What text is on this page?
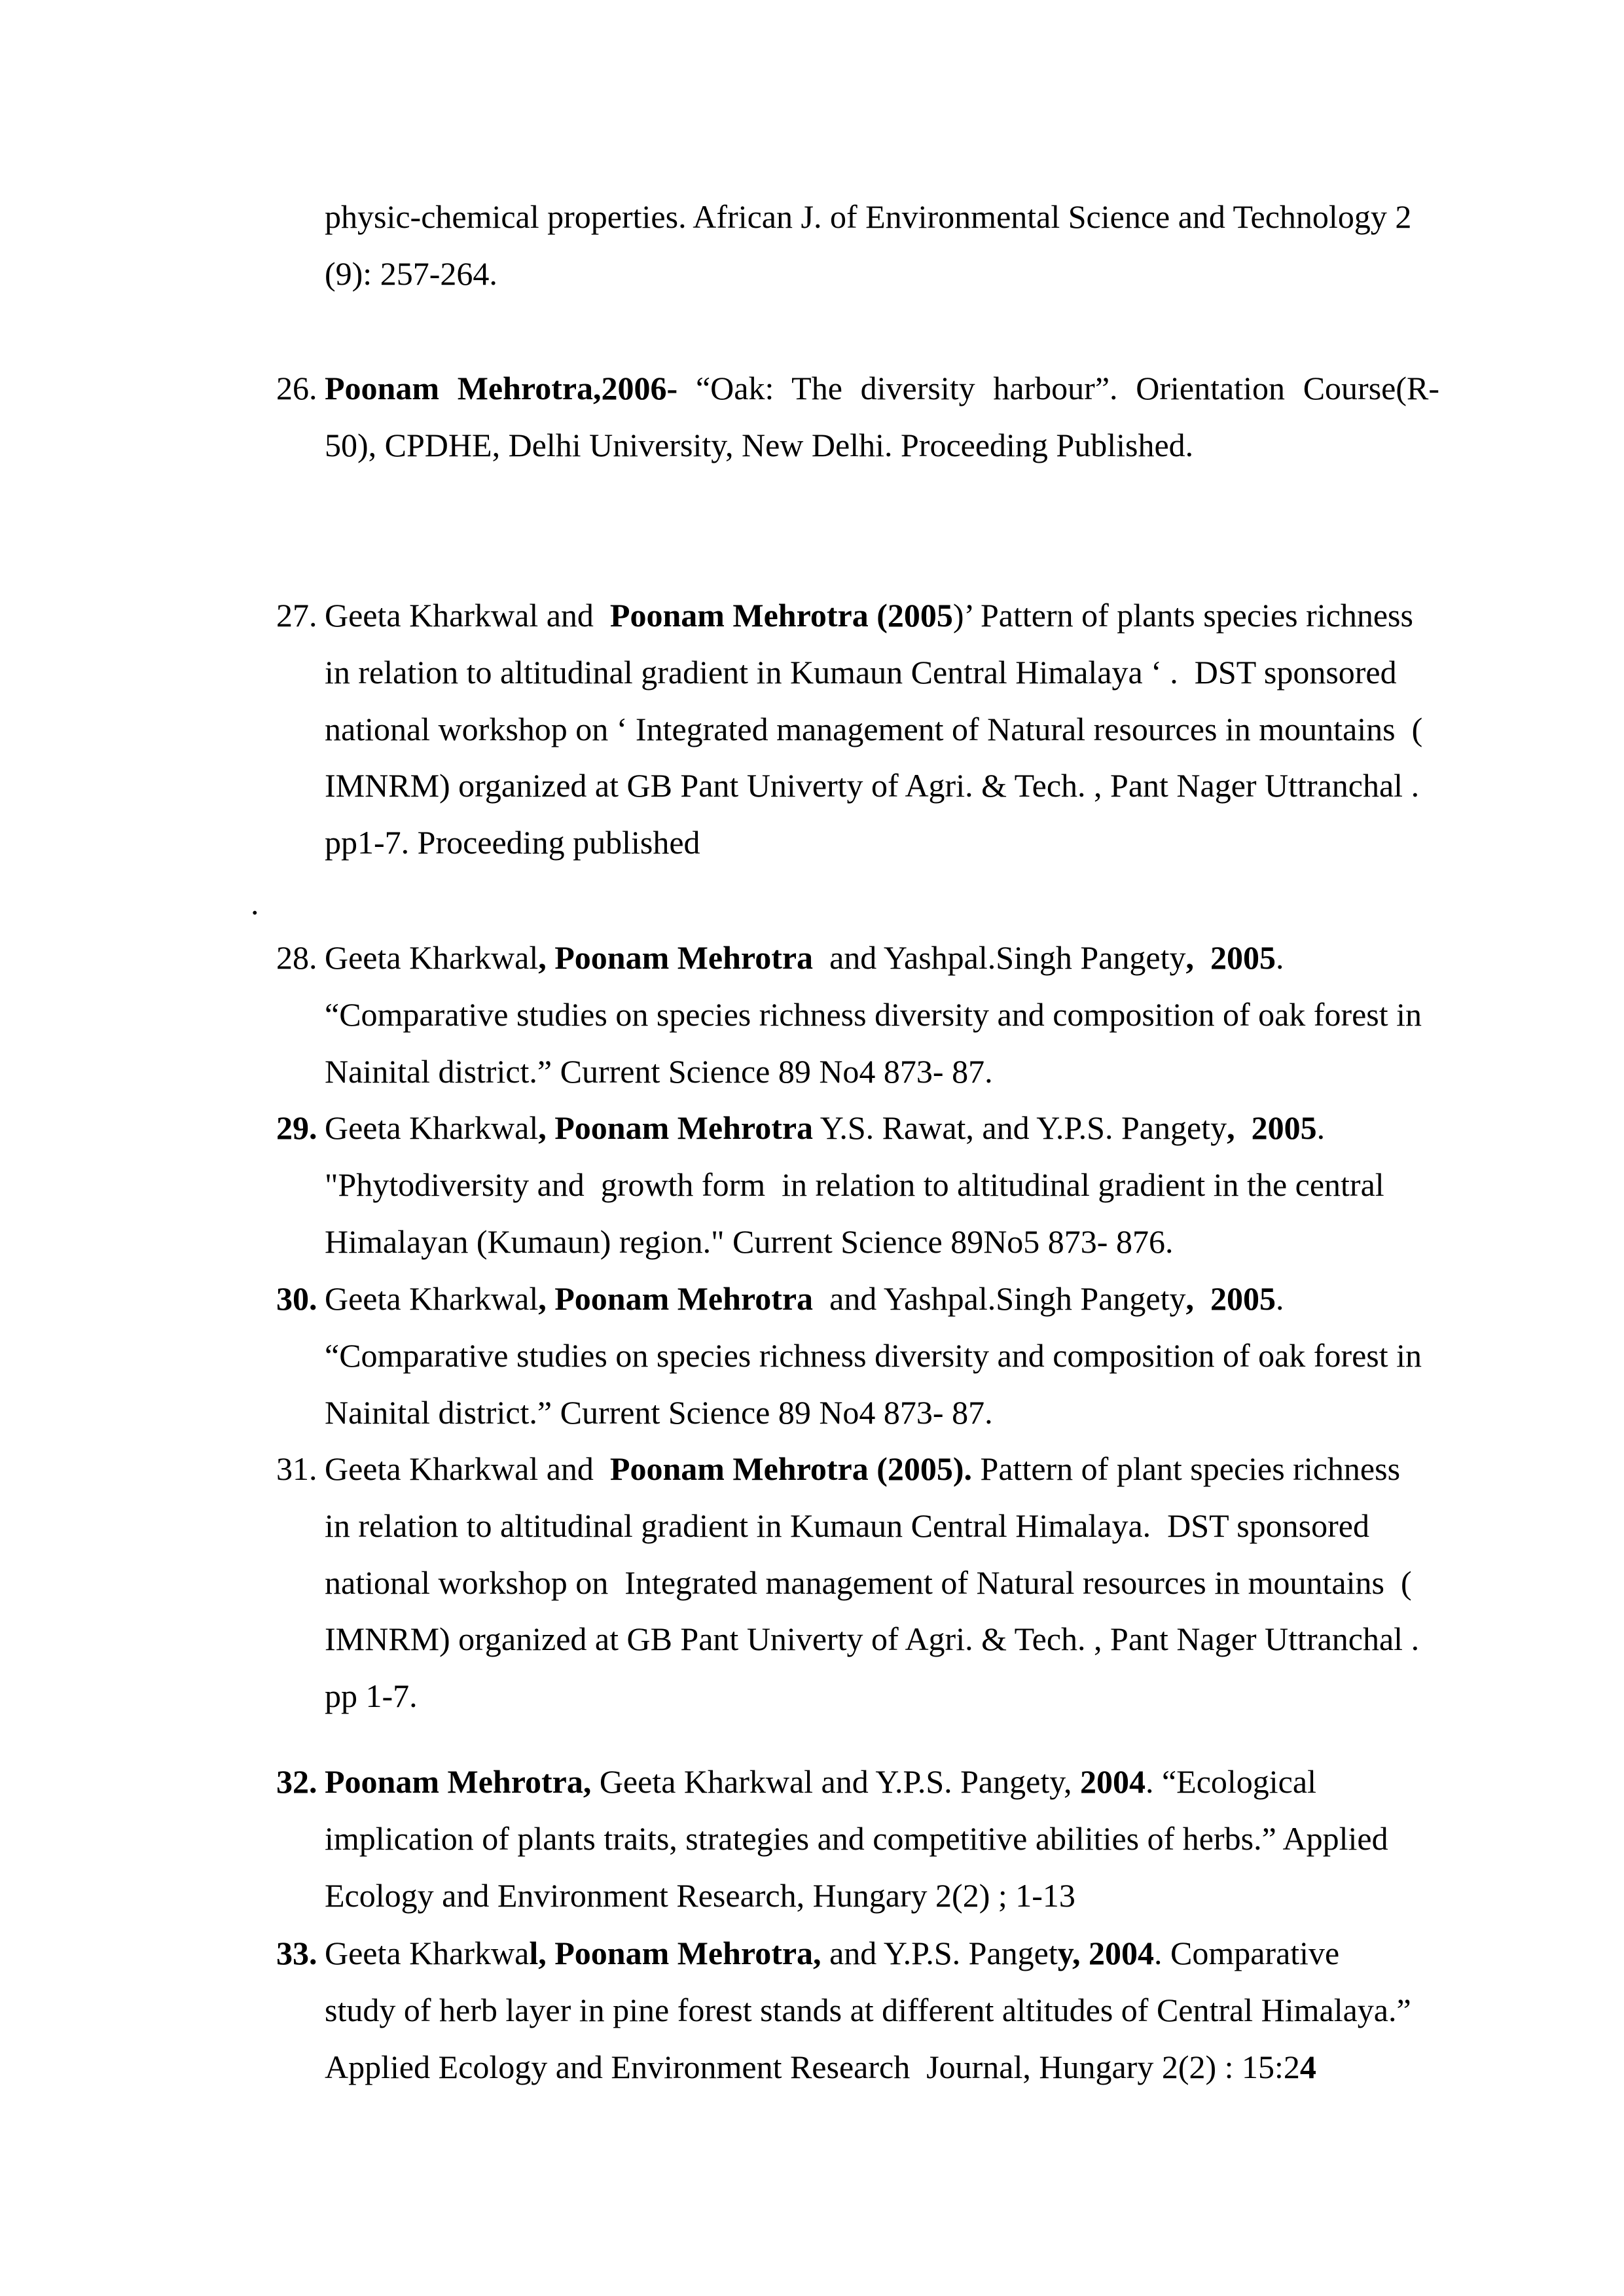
physic-chemical properties. African J. of Environmental Science and Technology 2
(9): 257-264.
26. Poonam Mehrotra,2006- “Oak: The diversity harbour”. Orientation Course(R-
50), CPDHE, Delhi University, New Delhi. Proceeding Published.
27. Geeta Kharkwal and  Poonam Mehrotra (2005)’ Pattern of plants species richness
in relation to altitudinal gradient in Kumaun Central Himalaya ‘ .  DST sponsored
national workshop on ‘ Integrated management of Natural resources in mountains  (
IMNRM) organized at GB Pant Univerty of Agri. & Tech. , Pant Nager Uttranchal .
pp1-7. Proceeding published
.
28. Geeta Kharkwal, Poonam Mehrotra  and Yashpal.Singh Pangety,  2005.
“Comparative studies on species richness diversity and composition of oak forest in
Nainital district.” Current Science 89 No4 873- 87.
29. Geeta Kharkwal, Poonam Mehrotra Y.S. Rawat, and Y.P.S. Pangety,  2005.
"Phytodiversity and  growth form  in relation to altitudinal gradient in the central
Himalayan (Kumaun) region." Current Science 89No5 873- 876.
30. Geeta Kharkwal, Poonam Mehrotra  and Yashpal.Singh Pangety,  2005.
“Comparative studies on species richness diversity and composition of oak forest in
Nainital district.” Current Science 89 No4 873- 87.
31. Geeta Kharkwal and  Poonam Mehrotra (2005). Pattern of plant species richness
in relation to altitudinal gradient in Kumaun Central Himalaya.  DST sponsored
national workshop on  Integrated management of Natural resources in mountains  (
IMNRM) organized at GB Pant Univerty of Agri. & Tech. , Pant Nager Uttranchal .
pp 1-7.
32. Poonam Mehrotra, Geeta Kharkwal and Y.P.S. Pangety, 2004. “Ecological
implication of plants traits, strategies and competitive abilities of herbs.” Applied
Ecology and Environment Research, Hungary 2(2) ; 1-13
33. Geeta Kharkwal, Poonam Mehrotra, and Y.P.S. Pangety, 2004. Comparative
study of herb layer in pine forest stands at different altitudes of Central Himalaya.”
Applied Ecology and Environment Research  Journal, Hungary 2(2) : 15:24
